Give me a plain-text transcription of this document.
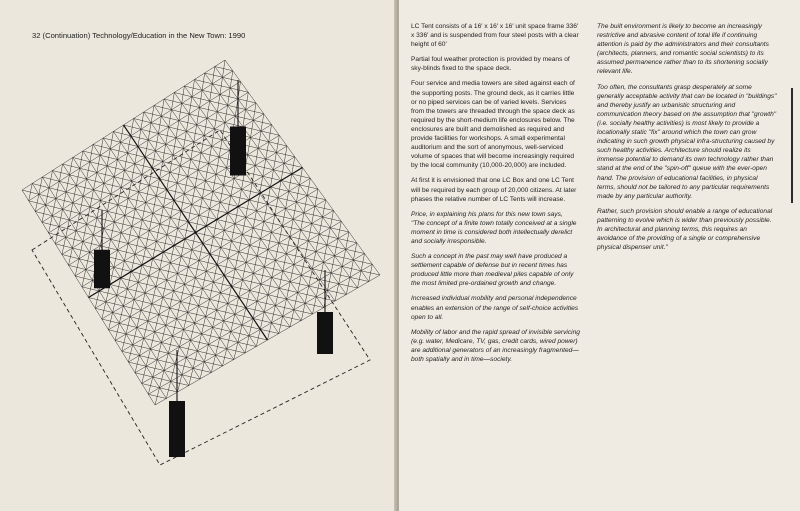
32 (Continuation) Technology/Education in the New Town: 1990

LC Tent consists of a 16′ x 16′ x 16′ unit space frame 336′ x 336′ and is suspended from four steel posts with a clear height of 60′

Partial foul weather protection is provided by means of sky-blinds fixed to the space deck.

Four service and media towers are sited against each of the supporting posts. The ground deck, as it carries little or no piped services can be of varied levels. Services from the towers are threaded through the space deck as required by the short-medium life enclosures below. The enclosures are built and demolished as required and provide facilities for workshops. A small experimental auditorium and the sort of anonymous, well-serviced volume of spaces that will become increasingly required by the local community (10,000-20,000) are included.

At first it is envisioned that one LC Box and one LC Tent will be required by each group of 20,000 citizens. At later phases the relative number of LC Tents will increase.

Price, in explaining his plans for this new town says,
"The concept of a finite town totally conceived at a single moment in time is considered both intellectually derelict and socially irresponsible.

Such a concept in the past may well have produced a settlement capable of defense but in recent times has produced little more than medieval piles capable of only the most limited pre-ordained growth and change.

Increased individual mobility and personal independence enables an extension of the range of self-choice activities open to all.

Mobility of labor and the rapid spread of invisible servicing (e.g. water, Medicare, TV, gas, credit cards, wired power) are additional generators of an increasingly fragmented—both spatially and in time—society.

The built environment is likely to become an increasingly restrictive and abrasive content of total life if continuing attention is paid by the administrators and their consultants (architects, planners, and romantic social scientists) to its assumed permanence rather than to its shortening socially relevant life.

Too often, the consultants grasp desperately at some generally acceptable activity that can be located in "buildings" and thereby justify an urbanistic structuring and communication theory based on the assumption that "growth" (i.e. socially healthy activities) is most likely to provide a locationally static "fix" around which the town can grow indicating in such growth physical infra-structuring caused by such healthy activities. Architecture should realize its immense potential to demand its own technology rather than stand at the end of the "spin-off" queue with the ever-open hand. The provision of educational facilities, in physical terms, should not be tailored to any particular requirements made by any particular authority.

Rather, such provision should enable a range of educational patterning to evolve which is wider than previously possible. In architectural and planning terms, this requires an avoidance of the providing of a single or comprehensive physical dispenser unit."
